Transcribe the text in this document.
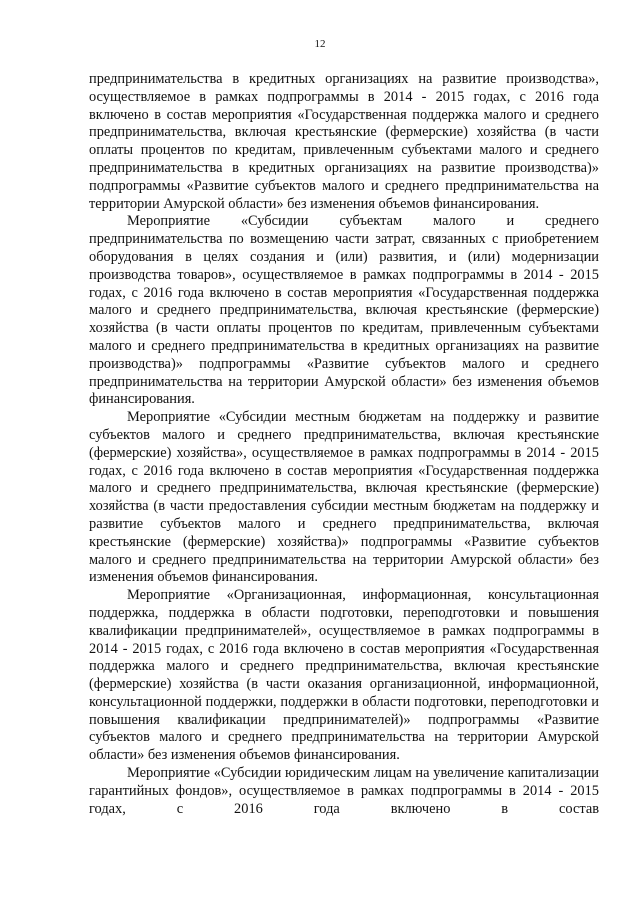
12

предпринимательства в кредитных организациях на развитие производства», осуществляемое в рамках подпрограммы в 2014 - 2015 годах, с 2016 года включено в состав мероприятия «Государственная поддержка малого и среднего предпринимательства, включая крестьянские (фермерские) хозяйства (в части оплаты процентов по кредитам, привлеченным субъектами малого и среднего предпринимательства в кредитных организациях на развитие производства)» подпрограммы «Развитие субъектов малого и среднего предпринимательства на территории Амурской области» без изменения объемов финансирования.

Мероприятие «Субсидии субъектам малого и среднего предпринимательства по возмещению части затрат, связанных с приобретением оборудования в целях создания и (или) развития, и (или) модернизации производства товаров», осуществляемое в рамках подпрограммы в 2014 - 2015 годах, с 2016 года включено в состав мероприятия «Государственная поддержка малого и среднего предпринимательства, включая крестьянские (фермерские) хозяйства (в части оплаты процентов по кредитам, привлеченным субъектами малого и среднего предпринимательства в кредитных организациях на развитие производства)» подпрограммы «Развитие субъектов малого и среднего предпринимательства на территории Амурской области» без изменения объемов финансирования.

Мероприятие «Субсидии местным бюджетам на поддержку и развитие субъектов малого и среднего предпринимательства, включая крестьянские (фермерские) хозяйства», осуществляемое в рамках подпрограммы в 2014 - 2015 годах, с 2016 года включено в состав мероприятия «Государственная поддержка малого и среднего предпринимательства, включая крестьянские (фермерские) хозяйства (в части предоставления субсидии местным бюджетам на поддержку и развитие субъектов малого и среднего предпринимательства, включая крестьянские (фермерские) хозяйства)» подпрограммы «Развитие субъектов малого и среднего предпринимательства на территории Амурской области» без изменения объемов финансирования.

Мероприятие «Организационная, информационная, консультационная поддержка, поддержка в области подготовки, переподготовки и повышения квалификации предпринимателей», осуществляемое в рамках подпрограммы в 2014 - 2015 годах, с 2016 года включено в состав мероприятия «Государственная поддержка малого и среднего предпринимательства, включая крестьянские (фермерские) хозяйства (в части оказания организационной, информационной, консультационной поддержки, поддержки в области подготовки, переподготовки и повышения квалификации предпринимателей)» подпрограммы «Развитие субъектов малого и среднего предпринимательства на территории Амурской области» без изменения объемов финансирования.

Мероприятие «Субсидии юридическим лицам на увеличение капитализации гарантийных фондов», осуществляемое в рамках подпрограммы в 2014 - 2015 годах, с 2016 года включено в состав
